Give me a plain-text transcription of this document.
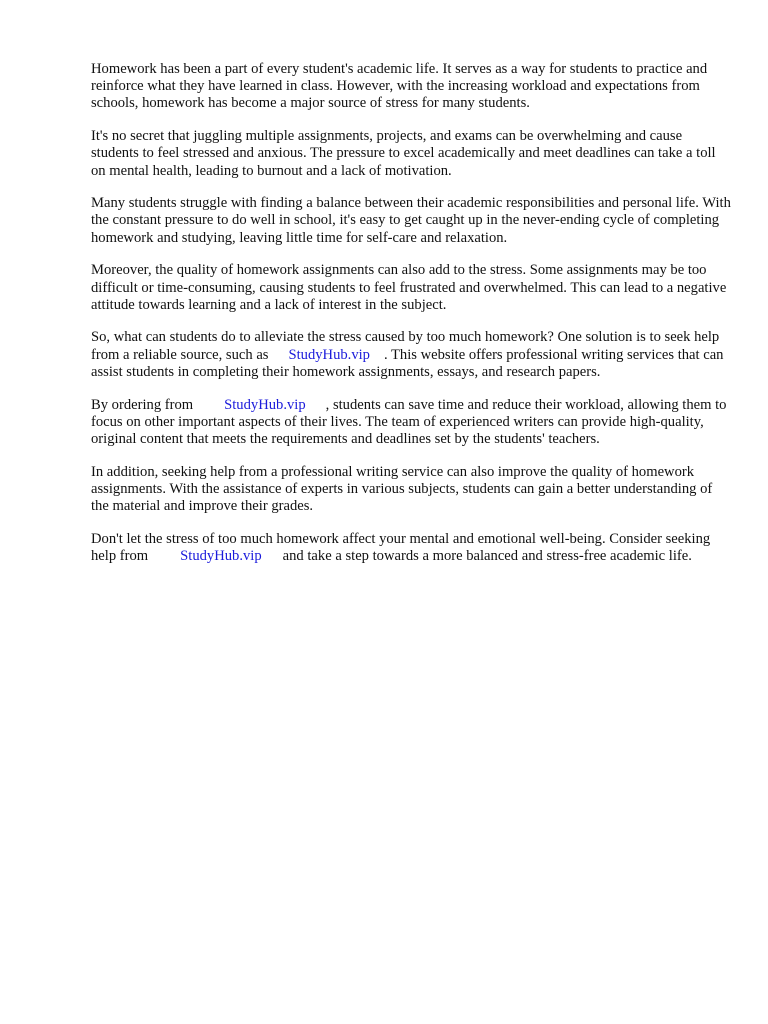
Homework has been a part of every student's academic life. It serves as a way for students to practice and reinforce what they have learned in class. However, with the increasing workload and expectations from schools, homework has become a major source of stress for many students.

It's no secret that juggling multiple assignments, projects, and exams can be overwhelming and cause students to feel stressed and anxious. The pressure to excel academically and meet deadlines can take a toll on mental health, leading to burnout and a lack of motivation.

Many students struggle with finding a balance between their academic responsibilities and personal life. With the constant pressure to do well in school, it's easy to get caught up in the never-ending cycle of completing homework and studying, leaving little time for self-care and relaxation.

Moreover, the quality of homework assignments can also add to the stress. Some assignments may be too difficult or time-consuming, causing students to feel frustrated and overwhelmed. This can lead to a negative attitude towards learning and a lack of interest in the subject.

So, what can students do to alleviate the stress caused by too much homework? One solution is to seek help from a reliable source, such as StudyHub.vip . This website offers professional writing services that can assist students in completing their homework assignments, essays, and research papers.

By ordering from StudyHub.vip , students can save time and reduce their workload, allowing them to focus on other important aspects of their lives. The team of experienced writers can provide high-quality, original content that meets the requirements and deadlines set by the students' teachers.

In addition, seeking help from a professional writing service can also improve the quality of homework assignments. With the assistance of experts in various subjects, students can gain a better understanding of the material and improve their grades.

Don't let the stress of too much homework affect your mental and emotional well-being. Consider seeking help from StudyHub.vip and take a step towards a more balanced and stress-free academic life.
